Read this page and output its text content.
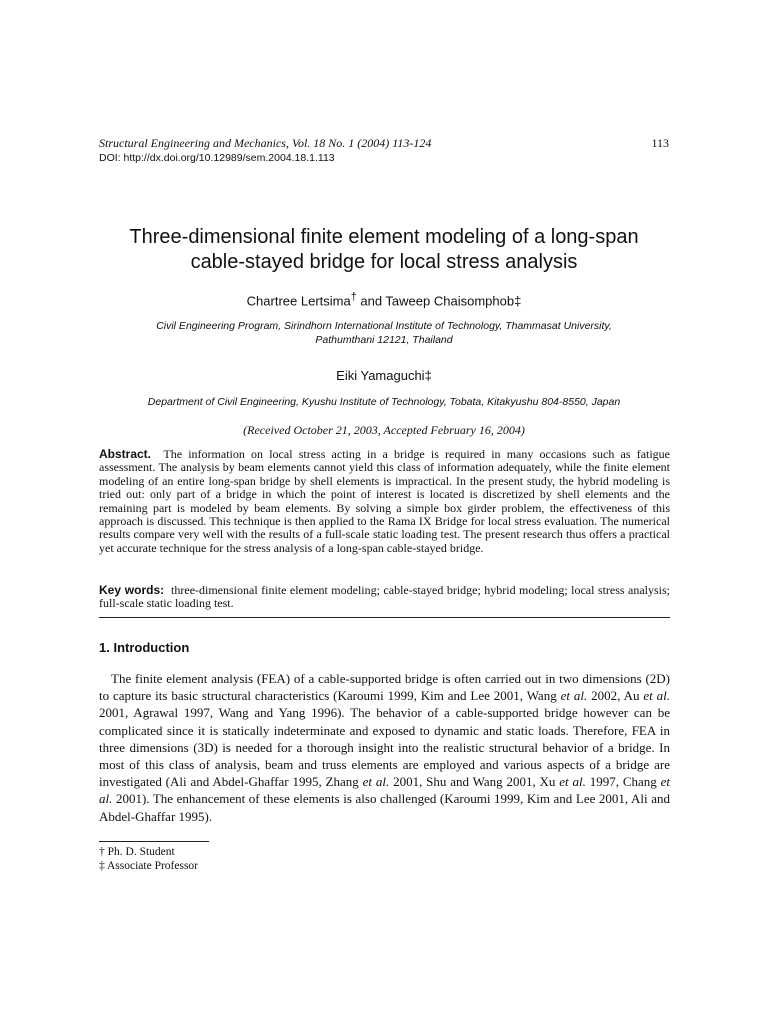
Structural Engineering and Mechanics, Vol. 18 No. 1 (2004) 113-124	113
DOI: http://dx.doi.org/10.12989/sem.2004.18.1.113
Three-dimensional finite element modeling of a long-span
cable-stayed bridge for local stress analysis
Chartree Lertsima† and Taweep Chaisomphob‡
Civil Engineering Program, Sirindhorn International Institute of Technology, Thammasat University,
Pathumthani 12121, Thailand
Eiki Yamaguchi‡
Department of Civil Engineering, Kyushu Institute of Technology, Tobata, Kitakyushu 804-8550, Japan
(Received October 21, 2003, Accepted February 16, 2004)
Abstract. The information on local stress acting in a bridge is required in many occasions such as fatigue assessment. The analysis by beam elements cannot yield this class of information adequately, while the finite element modeling of an entire long-span bridge by shell elements is impractical. In the present study, the hybrid modeling is tried out: only part of a bridge in which the point of interest is located is discretized by shell elements and the remaining part is modeled by beam elements. By solving a simple box girder problem, the effectiveness of this approach is discussed. This technique is then applied to the Rama IX Bridge for local stress evaluation. The numerical results compare very well with the results of a full-scale static loading test. The present research thus offers a practical yet accurate technique for the stress analysis of a long-span cable-stayed bridge.
Key words: three-dimensional finite element modeling; cable-stayed bridge; hybrid modeling; local stress analysis; full-scale static loading test.
1. Introduction
The finite element analysis (FEA) of a cable-supported bridge is often carried out in two dimensions (2D) to capture its basic structural characteristics (Karoumi 1999, Kim and Lee 2001, Wang et al. 2002, Au et al. 2001, Agrawal 1997, Wang and Yang 1996). The behavior of a cable-supported bridge however can be complicated since it is statically indeterminate and exposed to dynamic and static loads. Therefore, FEA in three dimensions (3D) is needed for a thorough insight into the realistic structural behavior of a bridge. In most of this class of analysis, beam and truss elements are employed and various aspects of a bridge are investigated (Ali and Abdel-Ghaffar 1995, Zhang et al. 2001, Shu and Wang 2001, Xu et al. 1997, Chang et al. 2001). The enhancement of these elements is also challenged (Karoumi 1999, Kim and Lee 2001, Ali and Abdel-Ghaffar 1995).
† Ph. D. Student
‡ Associate Professor
